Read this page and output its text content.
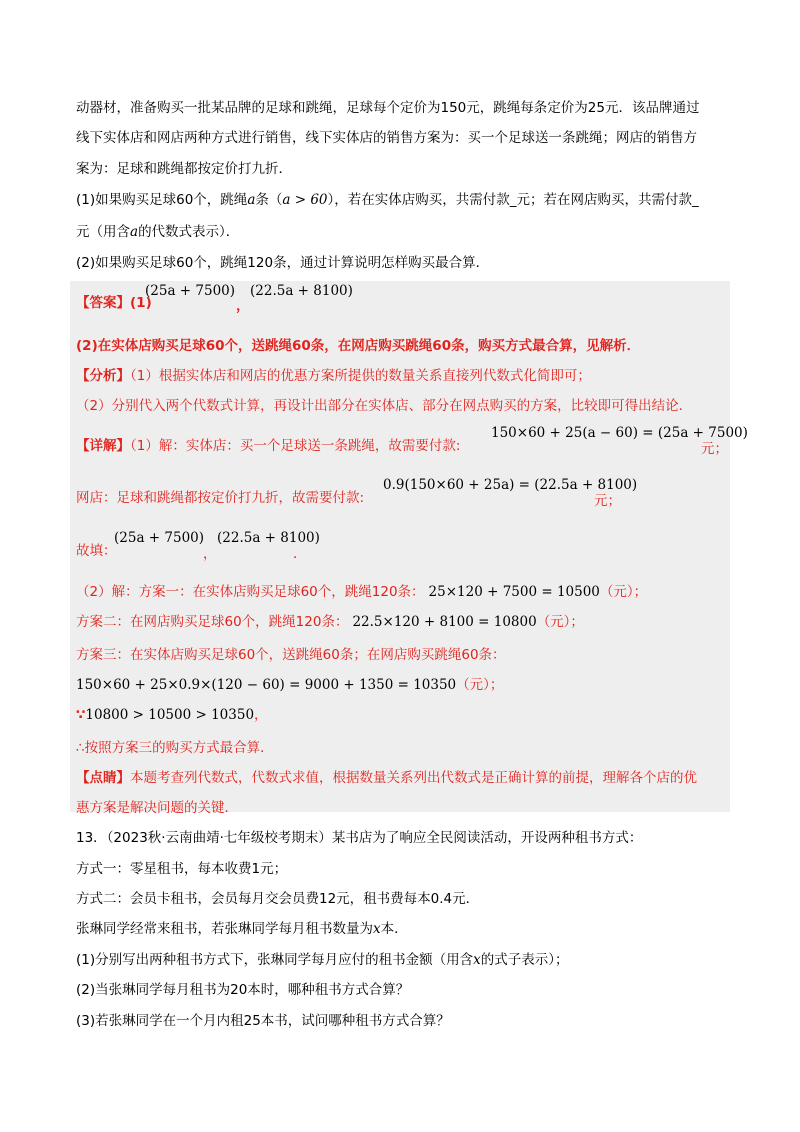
动器材，准备购买一批某品牌的足球和跳绳，足球每个定价为150元，跳绳每条定价为25元．该品牌通过
线下实体店和网店两种方式进行销售，线下实体店的销售方案为：买一个足球送一条跳绳；网店的销售方
案为：足球和跳绳都按定价打九折．
(1)如果购买足球60个，跳绳a条（a > 60），若在实体店购买，共需付款_元；若在网店购买，共需付款_
元（用含a的代数式表示）．
(2)如果购买足球60个，跳绳120条，通过计算说明怎样购买最合算．
【答案】(1)
(25a + 7500)
，
(22.5a + 8100)
(2)在实体店购买足球60个，送跳绳60条，在网店购买跳绳60条，购买方式最合算，见解析．
【分析】（1）根据实体店和网店的优惠方案所提供的数量关系直接列代数式化简即可；
（2）分别代入两个代数式计算，再设计出部分在实体店、部分在网点购买的方案，比较即可得出结论．
【详解】（1）解：实体店：买一个足球送一条跳绳，故需要付款:
150×60 + 25(a − 60) = (25a + 7500)
元；
网店：足球和跳绳都按定价打九折，故需要付款:
0.9(150×60 + 25a) = (22.5a + 8100)
元；
故填：
(25a + 7500)
，
(22.5a + 8100)
．
（2）解：方案一：在实体店购买足球60个，跳绳120条： 25×120 + 7500 = 10500（元）；
方案二：在网店购买足球60个，跳绳120条： 22.5×120 + 8100 = 10800（元）；
方案三：在实体店购买足球60个，送跳绳60条；在网店购买跳绳60条：
150×60 + 25×0.9×(120 − 60) = 9000 + 1350 = 10350（元）；
∵10800 > 10500 > 10350，
∴按照方案三的购买方式最合算．
【点睛】本题考查列代数式，代数式求值，根据数量关系列出代数式是正确计算的前提，理解各个店的优
惠方案是解决问题的关键．
13．（2023秋·云南曲靖·七年级校考期末）某书店为了响应全民阅读活动，开设两种租书方式：
方式一：零星租书，每本收费1元；
方式二：会员卡租书，会员每月交会员费12元，租书费每本0.4元．
张琳同学经常来租书，若张琳同学每月租书数量为x本．
(1)分别写出两种租书方式下，张琳同学每月应付的租书金额（用含x的式子表示）；
(2)当张琳同学每月租书为20本时，哪种租书方式合算？
(3)若张琳同学在一个月内租25本书，试问哪种租书方式合算？
